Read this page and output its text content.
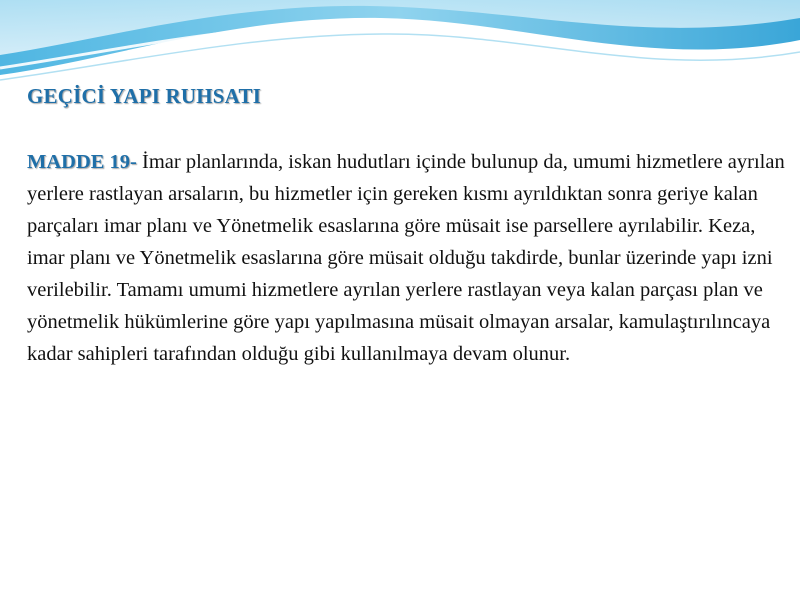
GEÇİCİ YAPI RUHSATI

MADDE 19- İmar planlarında, iskan hudutları içinde bulunup da, umumi hizmetlere ayrılan yerlere rastlayan arsaların, bu hizmetler için gereken kısmı ayrıldıktan sonra geriye kalan parçaları imar planı ve Yönetmelik esaslarına göre müsait ise parsellere ayrılabilir. Keza, imar planı ve Yönetmelik esaslarına göre müsait olduğu takdirde, bunlar üzerinde yapı izni verilebilir. Tamamı umumi hizmetlere ayrılan yerlere rastlayan veya kalan parçası plan ve yönetmelik hükümlerine göre yapı yapılmasına müsait olmayan arsalar, kamulaştırılıncaya kadar sahipleri tarafından olduğu gibi kullanılmaya devam olunur.
